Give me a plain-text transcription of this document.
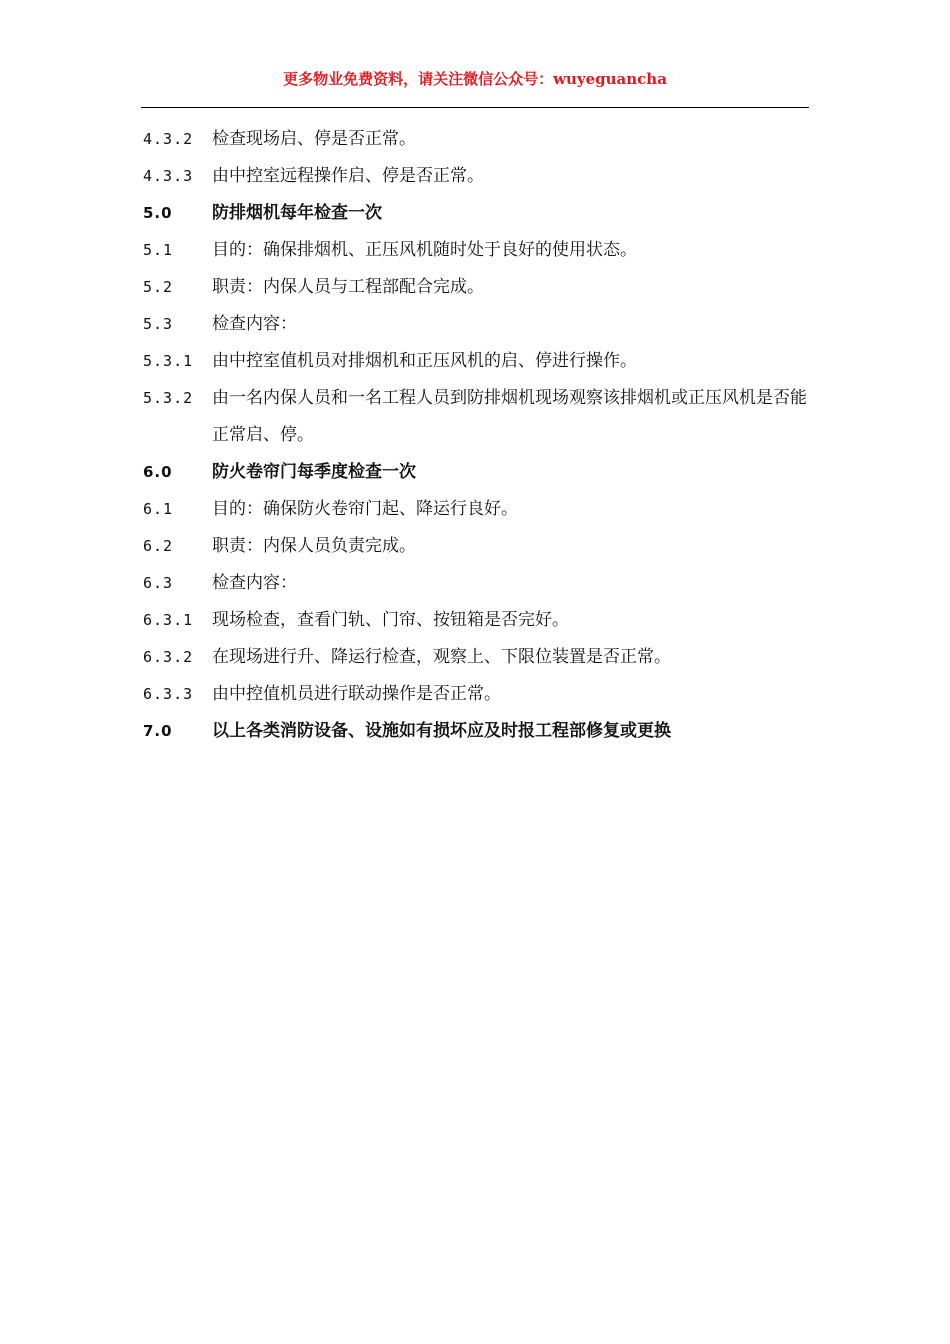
更多物业免费资料，请关注微信公众号：wuyeguancha
4.3.2	检查现场启、停是否正常。
4.3.3	由中控室远程操作启、停是否正常。
5.0	防排烟机每年检查一次
5.1	目的：确保排烟机、正压风机随时处于良好的使用状态。
5.2	职责：内保人员与工程部配合完成。
5.3	检查内容：
5.3.1	由中控室值机员对排烟机和正压风机的启、停进行操作。
5.3.2	由一名内保人员和一名工程人员到防排烟机现场观察该排烟机或正压风机是否能正常启、停。
6.0	防火卷帘门每季度检查一次
6.1	目的：确保防火卷帘门起、降运行良好。
6.2	职责：内保人员负责完成。
6.3	检查内容：
6.3.1	现场检查，查看门轨、门帘、按钮箱是否完好。
6.3.2	在现场进行升、降运行检查，观察上、下限位装置是否正常。
6.3.3	由中控值机员进行联动操作是否正常。
7.0	以上各类消防设备、设施如有损坏应及时报工程部修复或更换
